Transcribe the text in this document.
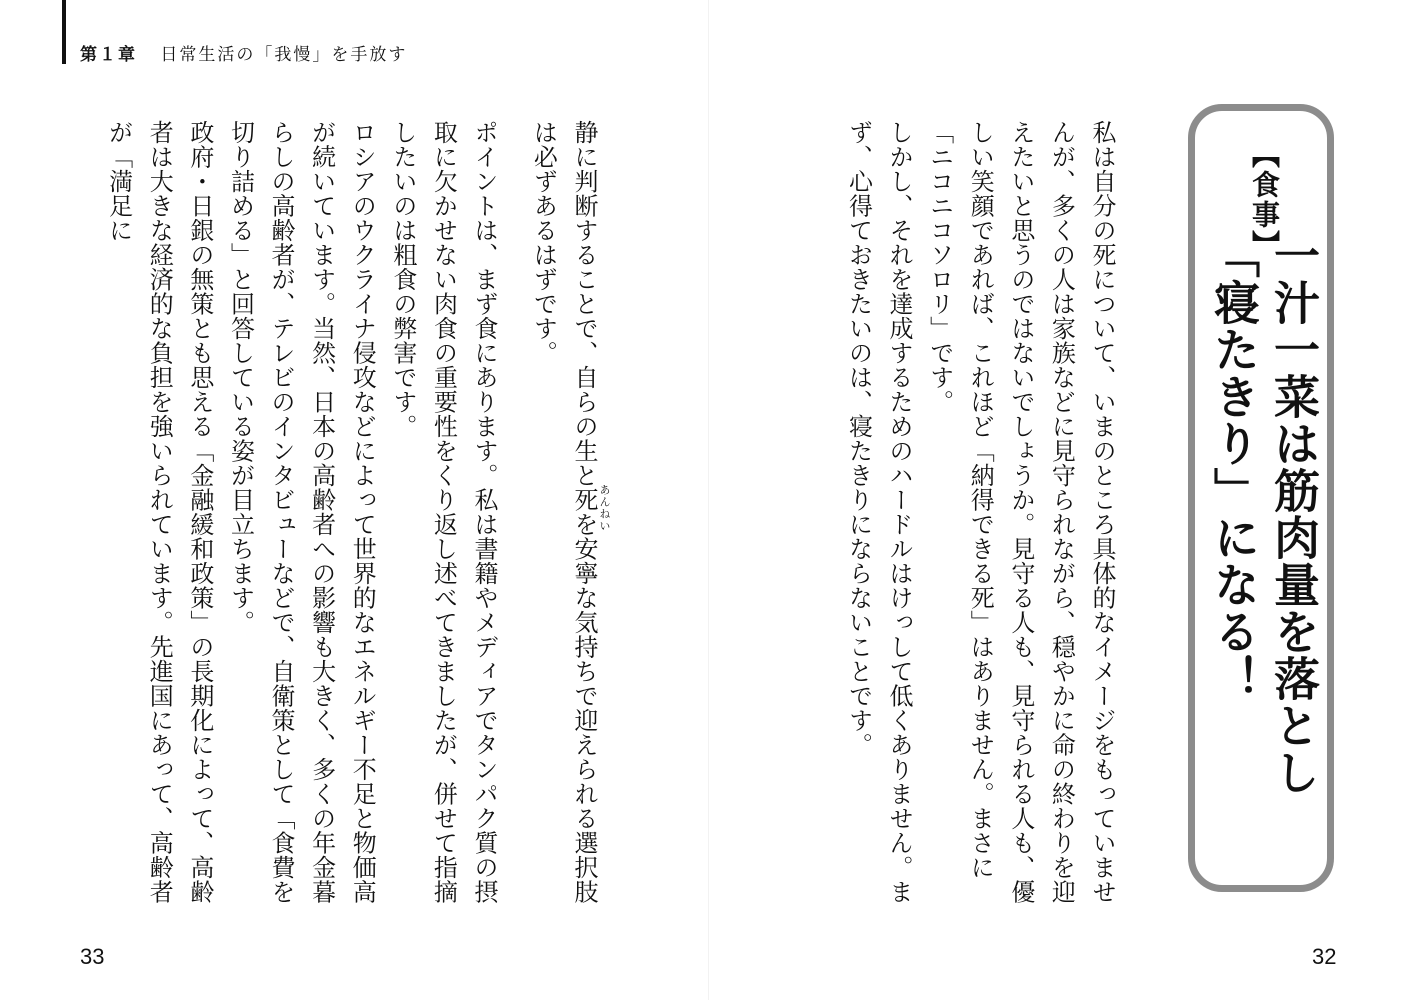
第１章 日常生活の「我慢」を手放す
【食事】
一汁一菜は筋肉量を落とし
「寝たきり」になる！

私は自分の死について、いまのところ具体的なイメージをもっていませんが、多くの人は家族などに見守られながら、穏やかに命の終わりを迎えたいと思うのではないでしょうか。見守る人も、見守られる人も、優しい笑顔であれば、これほど「納得できる死」はありません。まさに「ニコニコソロリ」です。

しかし、それを達成するためのハードルはけっして低くありません。まず、心得ておきたいのは、寝たきりにならないことです。

静に判断することで、自らの生と死を安寧な気持ちで迎えられる選択肢は必ずあるはずです。

あんねい

ポイントは、まず食にあります。私は書籍やメディアでタンパク質の摂取に欠かせない肉食の重要性をくり返し述べてきましたが、併せて指摘したいのは粗食の弊害です。

ロシアのウクライナ侵攻などによって世界的なエネルギー不足と物価高が続いています。当然、日本の高齢者への影響も大きく、多くの年金暮らしの高齢者が、テレビのインタビューなどで、自衛策として「食費を切り詰める」と回答している姿が目立ちます。

政府・日銀の無策とも思える「金融緩和政策」の長期化によって、高齢者は大きな経済的な負担を強いられています。先進国にあって、高齢者が「満足に

33	32
